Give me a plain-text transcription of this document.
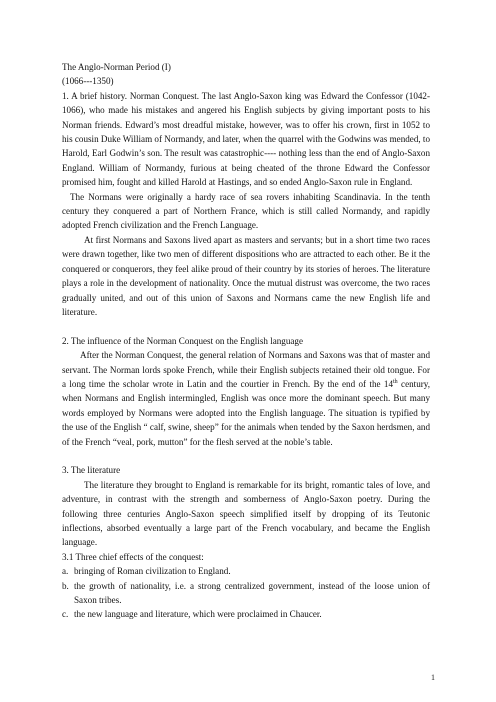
The Anglo-Norman Period (I)

(1066---1350)

1. A brief history. Norman Conquest. The last Anglo-Saxon king was Edward the Confessor (1042-1066), who made his mistakes and angered his English subjects by giving important posts to his Norman friends. Edward’s most dreadful mistake, however, was to offer his crown, first in 1052 to his cousin Duke William of Normandy, and later, when the quarrel with the Godwins was mended, to Harold, Earl Godwin’s son. The result was catastrophic---- nothing less than the end of Anglo-Saxon England. William of Normandy, furious at being cheated of the throne Edward the Confessor promised him, fought and killed Harold at Hastings, and so ended Anglo-Saxon rule in England.

The Normans were originally a hardy race of sea rovers inhabiting Scandinavia. In the tenth century they conquered a part of Northern France, which is still called Normandy, and rapidly adopted French civilization and the French Language.

At first Normans and Saxons lived apart as masters and servants; but in a short time two races were drawn together, like two men of different dispositions who are attracted to each other. Be it the conquered or conquerors, they feel alike proud of their country by its stories of heroes. The literature plays a role in the development of nationality. Once the mutual distrust was overcome, the two races gradually united, and out of this union of Saxons and Normans came the new English life and literature.

2. The influence of the Norman Conquest on the English language

After the Norman Conquest, the general relation of Normans and Saxons was that of master and servant. The Norman lords spoke French, while their English subjects retained their old tongue. For a long time the scholar wrote in Latin and the courtier in French. By the end of the 14th century, when Normans and English intermingled, English was once more the dominant speech. But many words employed by Normans were adopted into the English language. The situation is typified by the use of the English “ calf, swine, sheep” for the animals when tended by the Saxon herdsmen, and of the French “veal, pork, mutton” for the flesh served at the noble’s table.

3. The literature

The literature they brought to England is remarkable for its bright, romantic tales of love, and adventure, in contrast with the strength and somberness of Anglo-Saxon poetry. During the following three centuries Anglo-Saxon speech simplified itself by dropping of its Teutonic inflections, absorbed eventually a large part of the French vocabulary, and became the English language.

3.1 Three chief effects of the conquest:

a. bringing of Roman civilization to England.
b. the growth of nationality, i.e. a strong centralized government, instead of the loose union of Saxon tribes.
c. the new language and literature, which were proclaimed in Chaucer.
1
